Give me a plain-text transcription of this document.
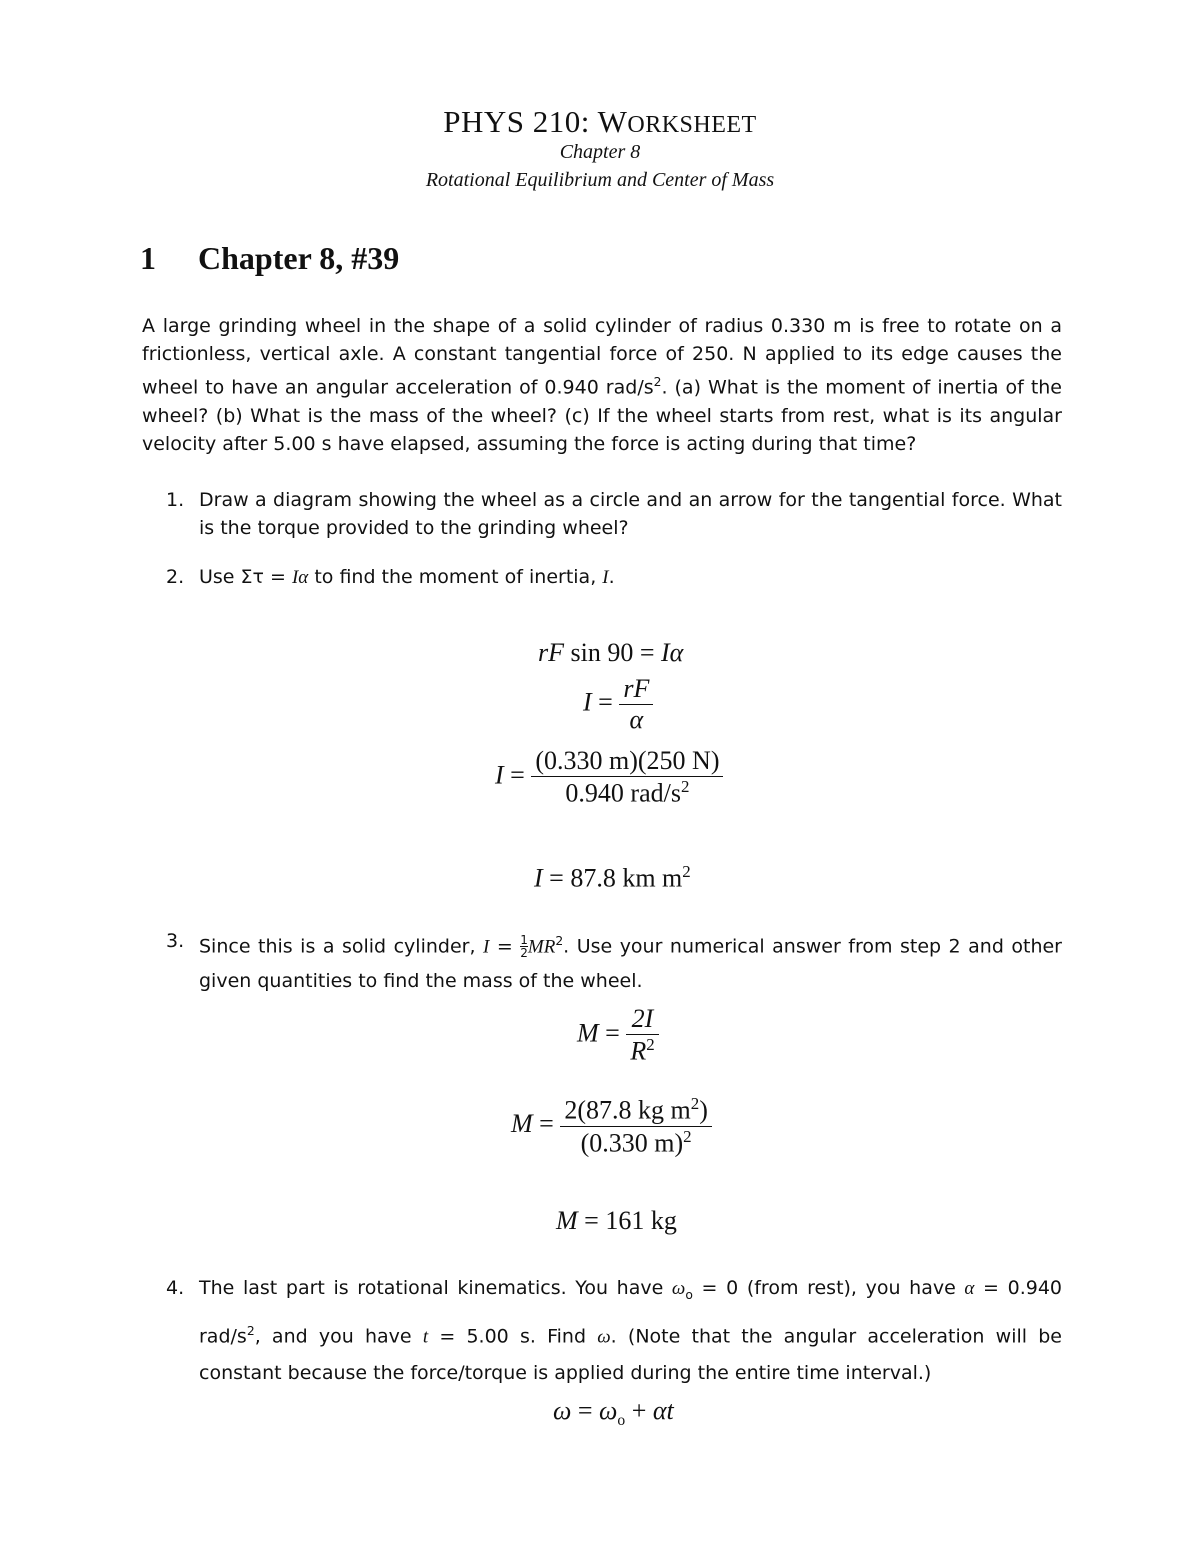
PHYS 210: WORKSHEET
Chapter 8
Rotational Equilibrium and Center of Mass
1 Chapter 8, #39
A large grinding wheel in the shape of a solid cylinder of radius 0.330 m is free to rotate on a frictionless, vertical axle. A constant tangential force of 250. N applied to its edge causes the wheel to have an angular acceleration of 0.940 rad/$s^2$. (a) What is the moment of inertia of the wheel? (b) What is the mass of the wheel? (c) If the wheel starts from rest, what is its angular velocity after 5.00 s have elapsed, assuming the force is acting during that time?
1. Draw a diagram showing the wheel as a circle and an arrow for the tangential force. What is the torque provided to the grinding wheel?
2. Use Στ = Iα to find the moment of inertia, I.
rF sin 90 = Iα
$I = \frac{rF}{\alpha}$
$I = \frac{(0.330 m)(250 N)}{0.940 rad/s^2}$
I = 87.8 km $m^2$
3. Since this is a solid cylinder, $I = \frac{1}{2} MR^2$. Use your numerical answer from step 2 and other given quantities to find the mass of the wheel.
$M = \frac{2I}{R^2}$
$M = \frac{2(87.8 kg m^2)}{(0.330 m)^2}$
M = 161 kg
4. The last part is rotational kinematics. You have $\omega_o = 0$ (from rest), you have α = 0.940 rad/$s^2$, and you have t = 5.00 s. Find ω. (Note that the angular acceleration will be constant because the force/torque is applied during the entire time interval.)
$\omega = \omega_o + \alpha t$
